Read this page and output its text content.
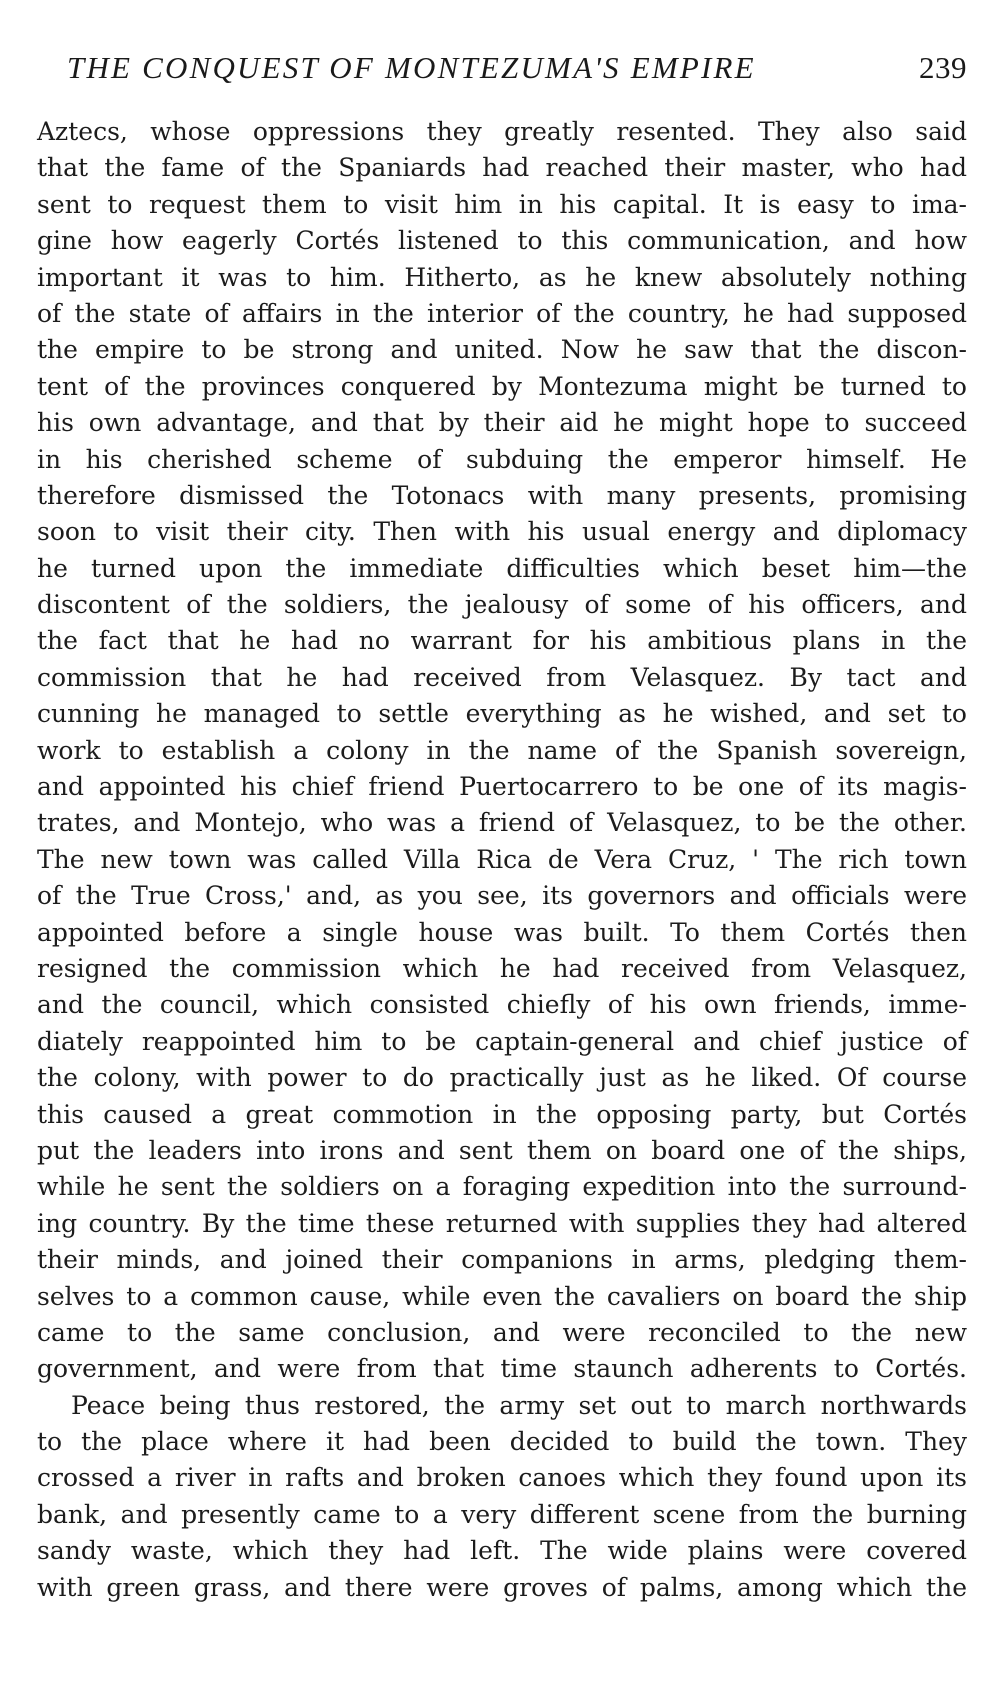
THE CONQUEST OF MONTEZUMA'S EMPIRE	239
Aztecs, whose oppressions they greatly resented. They also said
that the fame of the Spaniards had reached their master, who had
sent to request them to visit him in his capital. It is easy to ima-
gine how eagerly Cortés listened to this communication, and how
important it was to him. Hitherto, as he knew absolutely nothing
of the state of affairs in the interior of the country, he had supposed
the empire to be strong and united. Now he saw that the discon-
tent of the provinces conquered by Montezuma might be turned to
his own advantage, and that by their aid he might hope to succeed
in his cherished scheme of subduing the emperor himself. He
therefore dismissed the Totonacs with many presents, promising
soon to visit their city. Then with his usual energy and diplomacy
he turned upon the immediate difficulties which beset him—the
discontent of the soldiers, the jealousy of some of his officers, and
the fact that he had no warrant for his ambitious plans in the
commission that he had received from Velasquez. By tact and
cunning he managed to settle everything as he wished, and set to
work to establish a colony in the name of the Spanish sovereign,
and appointed his chief friend Puertocarrero to be one of its magis-
trates, and Montejo, who was a friend of Velasquez, to be the other.
The new town was called Villa Rica de Vera Cruz, ' The rich town
of the True Cross,' and, as you see, its governors and officials were
appointed before a single house was built. To them Cortés then
resigned the commission which he had received from Velasquez,
and the council, which consisted chiefly of his own friends, imme-
diately reappointed him to be captain-general and chief justice of
the colony, with power to do practically just as he liked. Of course
this caused a great commotion in the opposing party, but Cortés
put the leaders into irons and sent them on board one of the ships,
while he sent the soldiers on a foraging expedition into the surround-
ing country. By the time these returned with supplies they had altered
their minds, and joined their companions in arms, pledging them-
selves to a common cause, while even the cavaliers on board the ship
came to the same conclusion, and were reconciled to the new
government, and were from that time staunch adherents to Cortés.
Peace being thus restored, the army set out to march northwards
to the place where it had been decided to build the town. They
crossed a river in rafts and broken canoes which they found upon its
bank, and presently came to a very different scene from the burning
sandy waste, which they had left. The wide plains were covered
with green grass, and there were groves of palms, among which the
